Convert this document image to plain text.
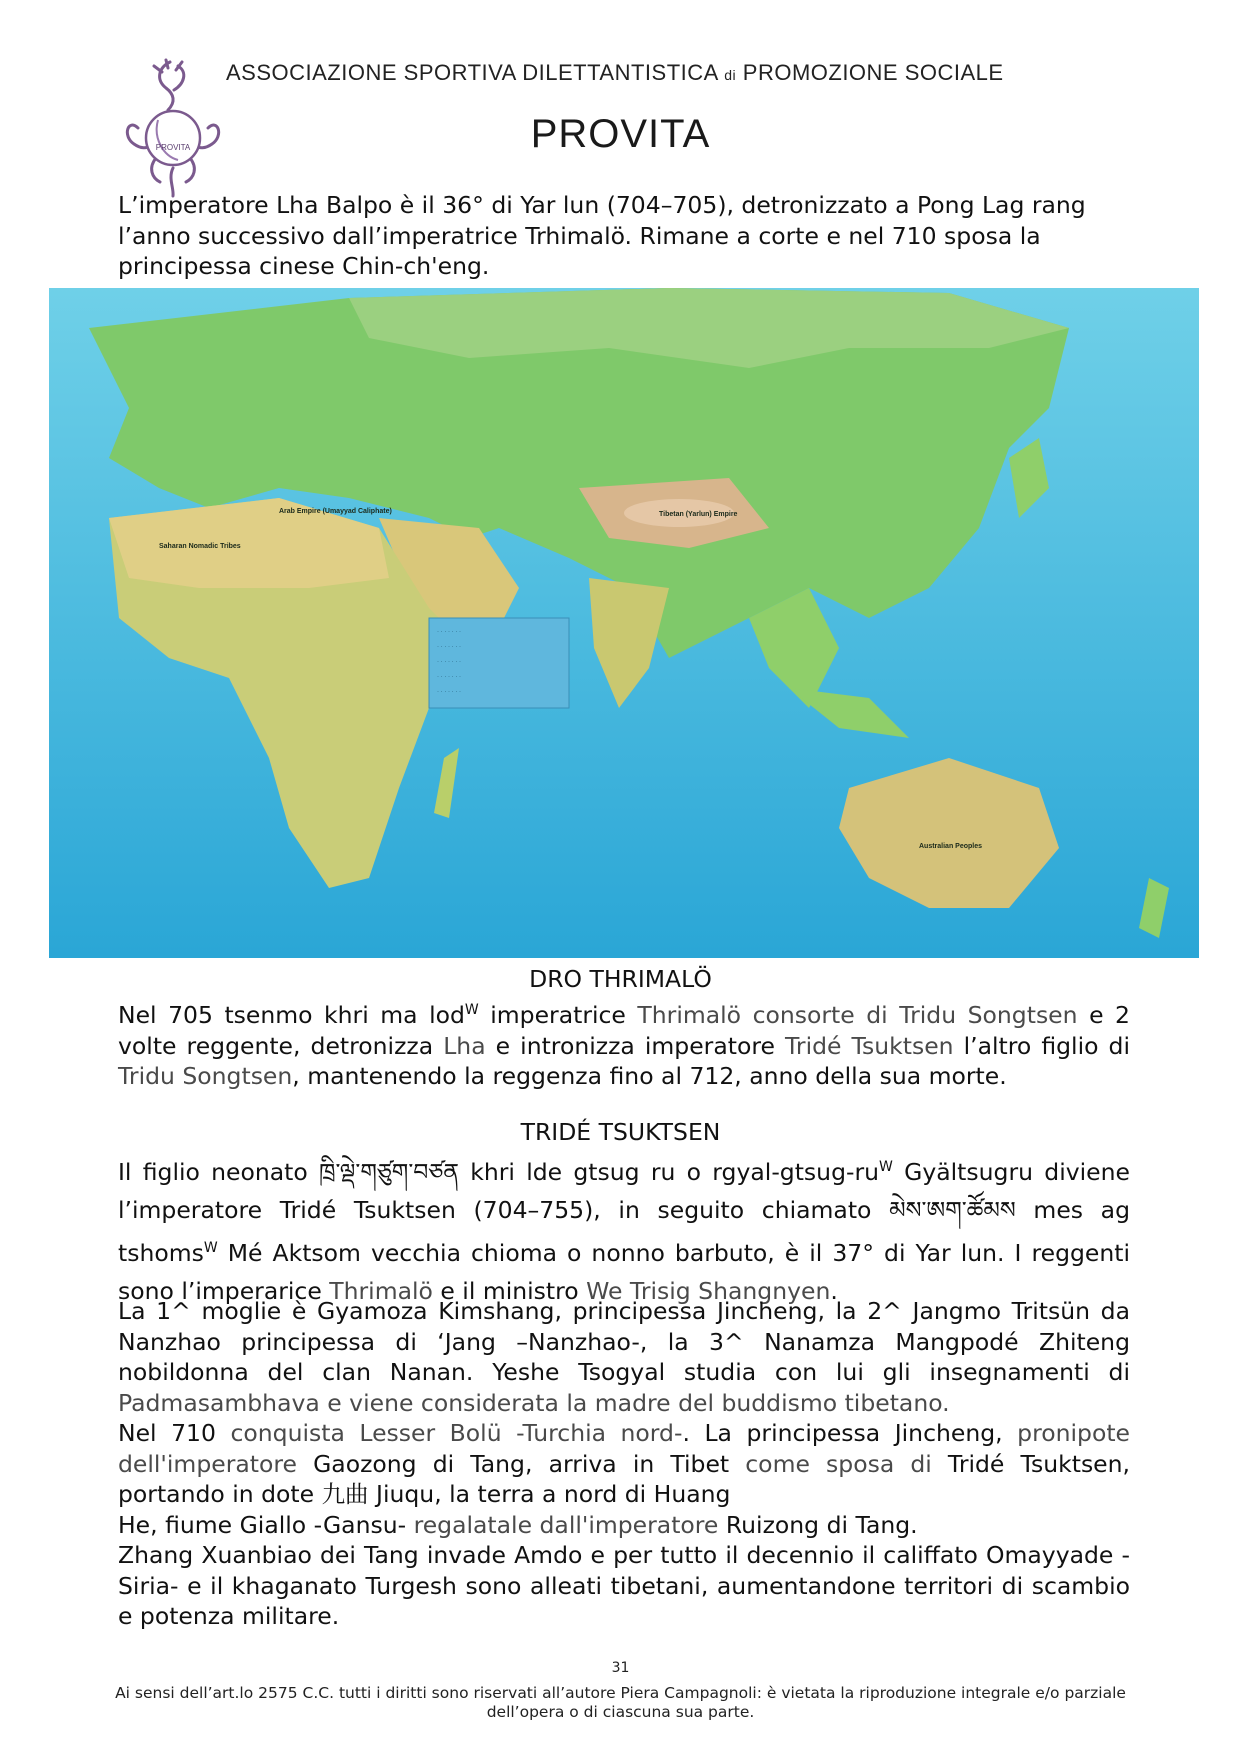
PROVITA
ASSOCIAZIONE SPORTIVA DILETTANTISTICA di PROMOZIONE SOCIALE
PROVITA

L’imperatore Lha Balpo è il 36° di Yar lun (704–705), detronizzato a Pong Lag rang l’anno successivo dall’imperatrice Trhimalö. Rimane a corte e nel 710 sposa la principessa cinese Chin-ch'eng.

· · · · · · ·
· · · · · · ·
· · · · · · ·
· · · · · · ·
· · · · · · ·
Tibetan (Yarlun) Empire
Arab Empire (Umayyad Caliphate)
Saharan Nomadic Tribes
Australian Peoples
DRO THRIMALÖ

Nel 705 tsenmo khri ma lod$^W$ imperatrice Thrimalö consorte di Tridu Songtsen e 2 volte reggente, detronizza Lha e intronizza imperatore Tridé Tsuktsen l’altro figlio di Tridu Songtsen, mantenendo la reggenza fino al 712, anno della sua morte.

TRIDÉ TSUKTSEN

Il figlio neonato ཁྲི་ལྡེ་གཙུག་བཙན khri lde gtsug ru o rgyal-$gtsug-ru^W$ Gyältsugru diviene l’imperatore Tridé Tsuktsen (704–755), in seguito chiamato མེས་ཨག་ཚོམས mes ag tshoms$^W$ Mé Aktsom vecchia chioma o nonno barbuto, è il 37° di Yar lun. I reggenti sono l’imperarice Thrimalö e il ministro We Trisig Shangnyen.

La 1^ moglie è Gyamoza Kimshang, principessa Jincheng, la 2^ Jangmo Tritsün da Nanzhao principessa di ‘Jang –Nanzhao-, la 3^ Nanamza Mangpodé Zhiteng nobildonna del clan Nanan. Yeshe Tsogyal studia con lui gli insegnamenti di Padmasambhava e viene considerata la madre del buddismo tibetano.

Nel 710 conquista Lesser Bolü -Turchia nord-. La principessa Jincheng, pronipote dell'imperatore Gaozong di Tang, arriva in Tibet come sposa di Tridé Tsuktsen, portando in dote 九曲 Jiuqu, la terra a nord di Huang

He, fiume Giallo -Gansu- regalatale dall'imperatore Ruizong di Tang.

Zhang Xuanbiao dei Tang invade Amdo e per tutto il decennio il califfato Omayyade -Siria- e il khaganato Turgesh sono alleati tibetani, aumentandone territori di scambio e potenza militare.

31
Ai sensi dell’art.lo 2575 C.C. tutti i diritti sono riservati all’autore Piera Campagnoli: è vietata la riproduzione integrale e/o parziale dell’opera o di ciascuna sua parte.
